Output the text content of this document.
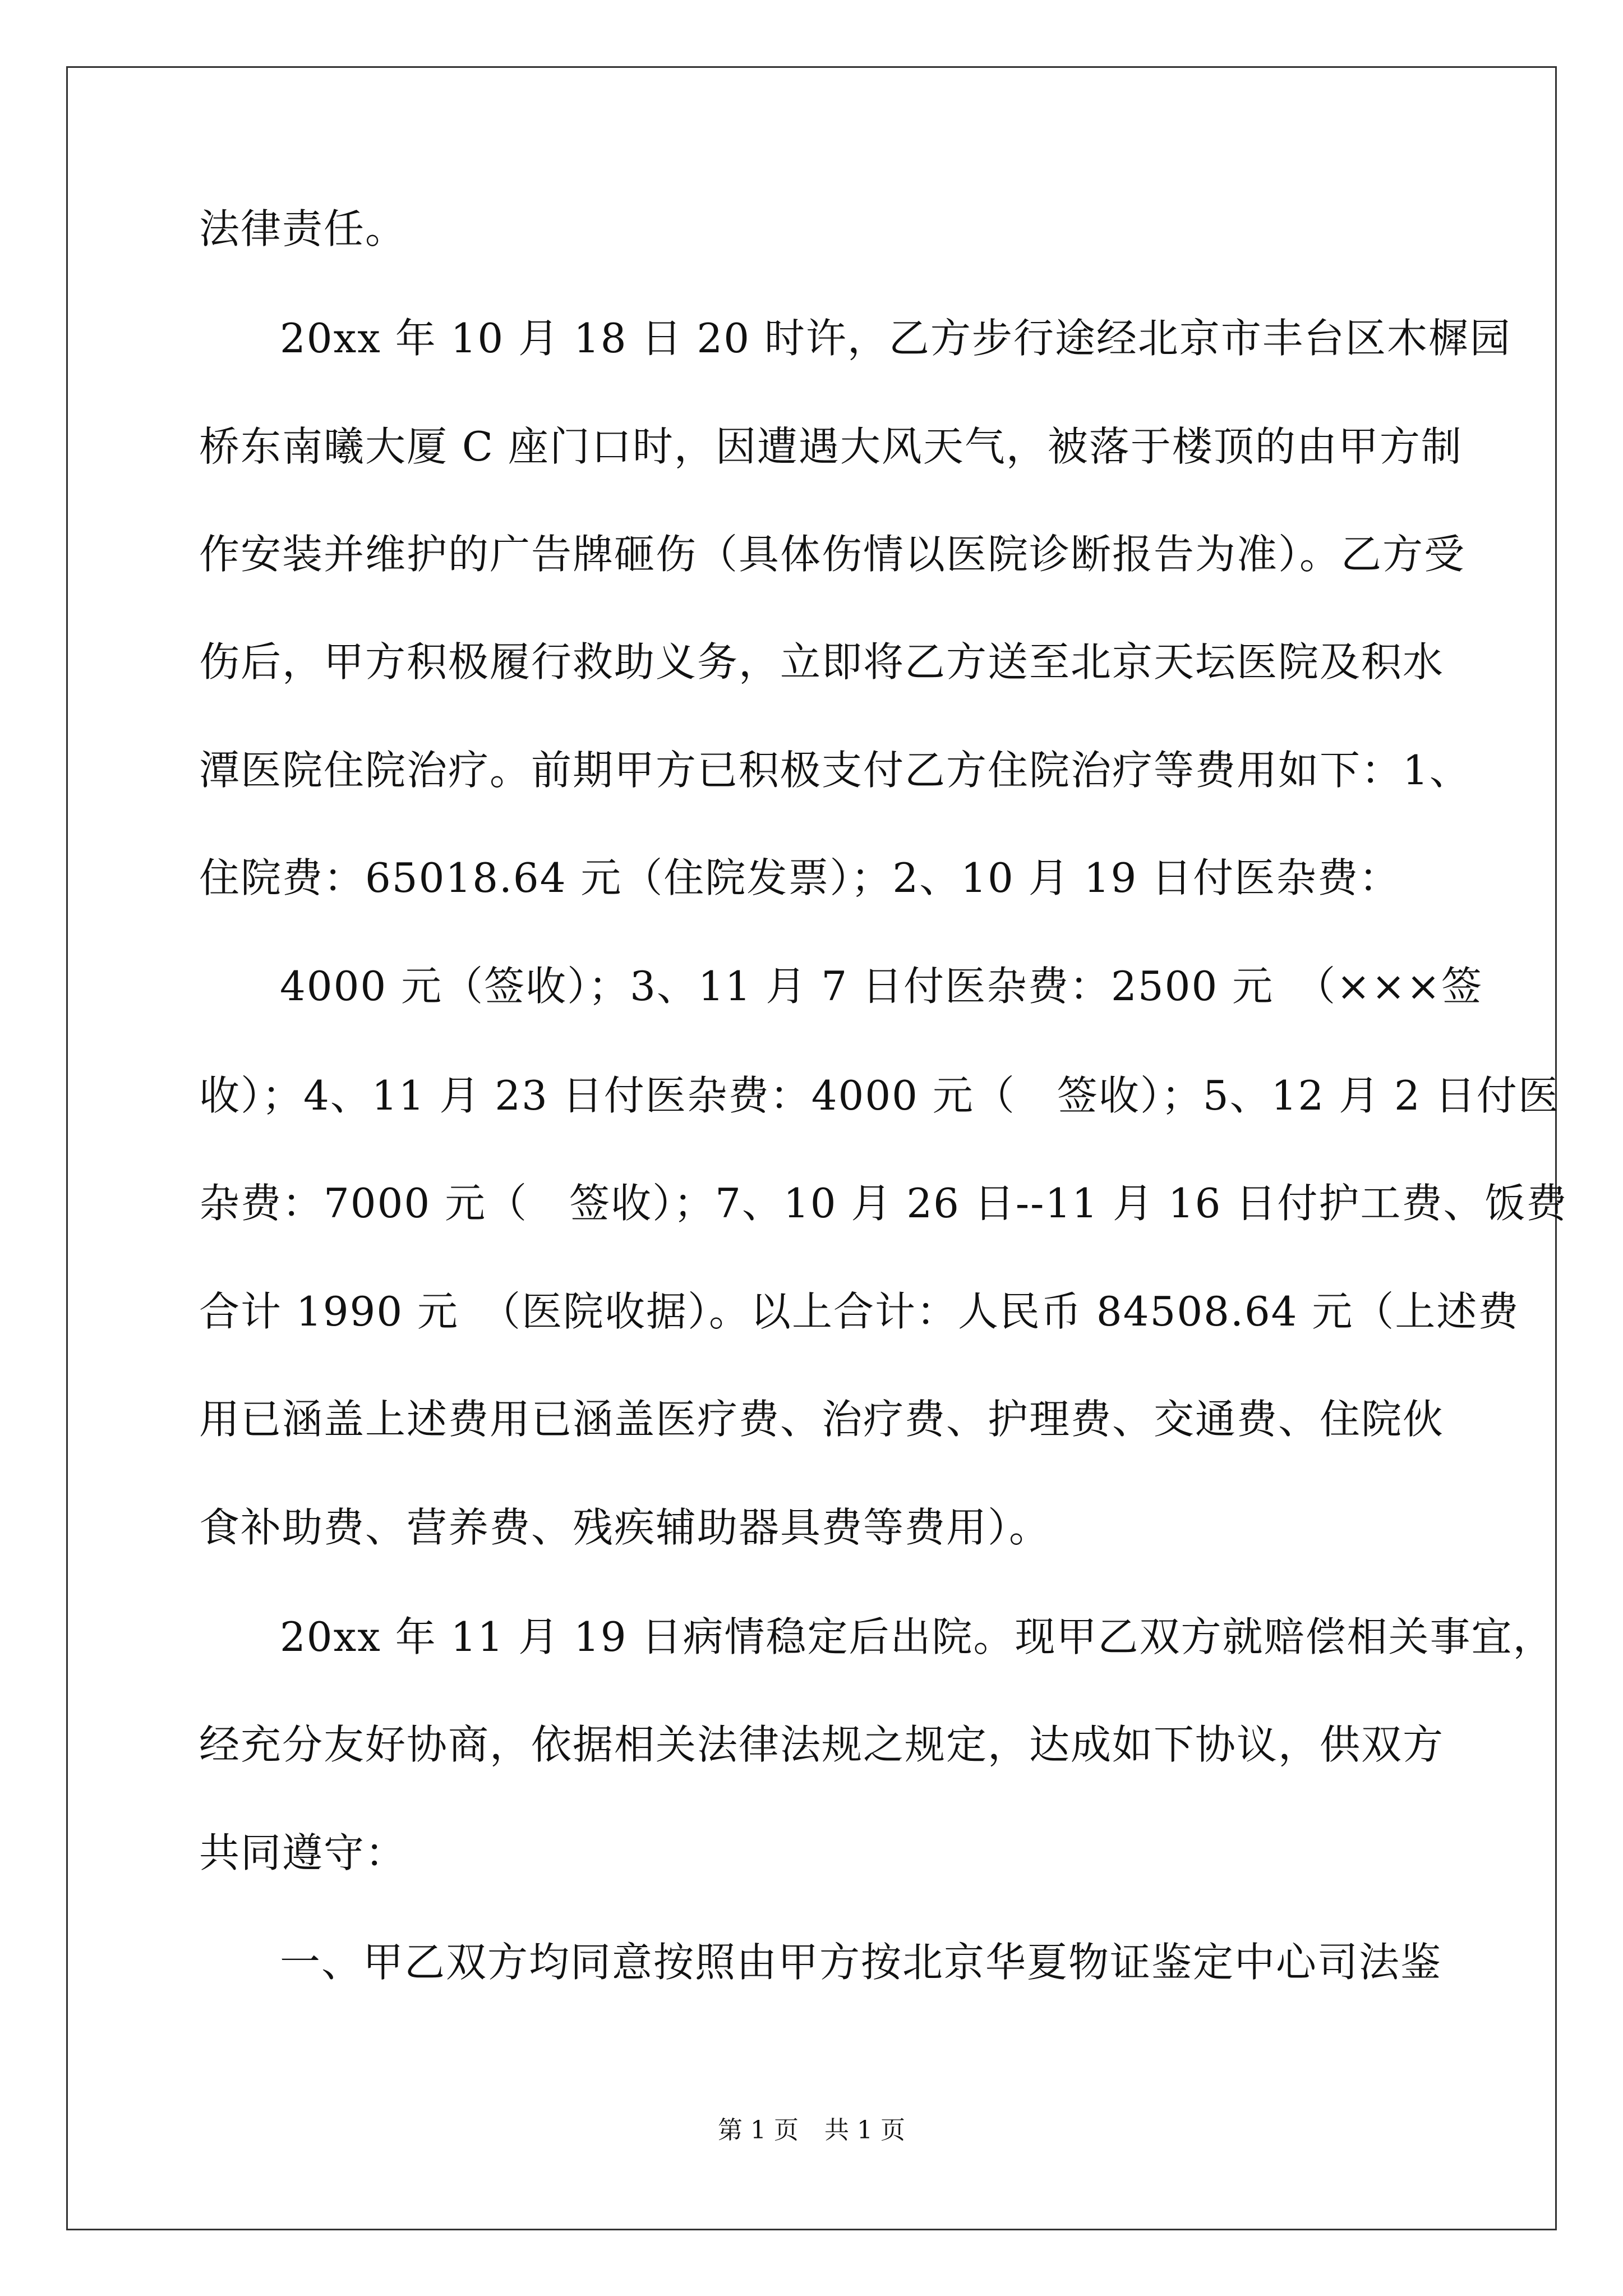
法律责任。
20xx 年 10 月 18 日 20 时许，乙方步行途经北京市丰台区木樨园
桥东南曦大厦 C 座门口时，因遭遇大风天气，被落于楼顶的由甲方制
作安装并维护的广告牌砸伤（具体伤情以医院诊断报告为准）。乙方受
伤后，甲方积极履行救助义务，立即将乙方送至北京天坛医院及积水
潭医院住院治疗。前期甲方已积极支付乙方住院治疗等费用如下：1、
住院费：65018.64 元（住院发票）；2、10 月 19 日付医杂费：
4000 元（签收）；3、11 月 7 日付医杂费：2500 元　（×××签
收）；4、11 月 23 日付医杂费：4000 元（　签收）；5、12 月 2 日付医
杂费：7000 元（　签收）；7、10 月 26 日--11 月 16 日付护工费、饭费
合计 1990 元　（医院收据）。以上合计：人民币 84508.64 元（上述费
用已涵盖上述费用已涵盖医疗费、治疗费、护理费、交通费、住院伙
食补助费、营养费、残疾辅助器具费等费用）。
20xx 年 11 月 19 日病情稳定后出院。现甲乙双方就赔偿相关事宜，
经充分友好协商，依据相关法律法规之规定，达成如下协议，供双方
共同遵守：
一、甲乙双方均同意按照由甲方按北京华夏物证鉴定中心司法鉴
第 1 页 共 1 页
